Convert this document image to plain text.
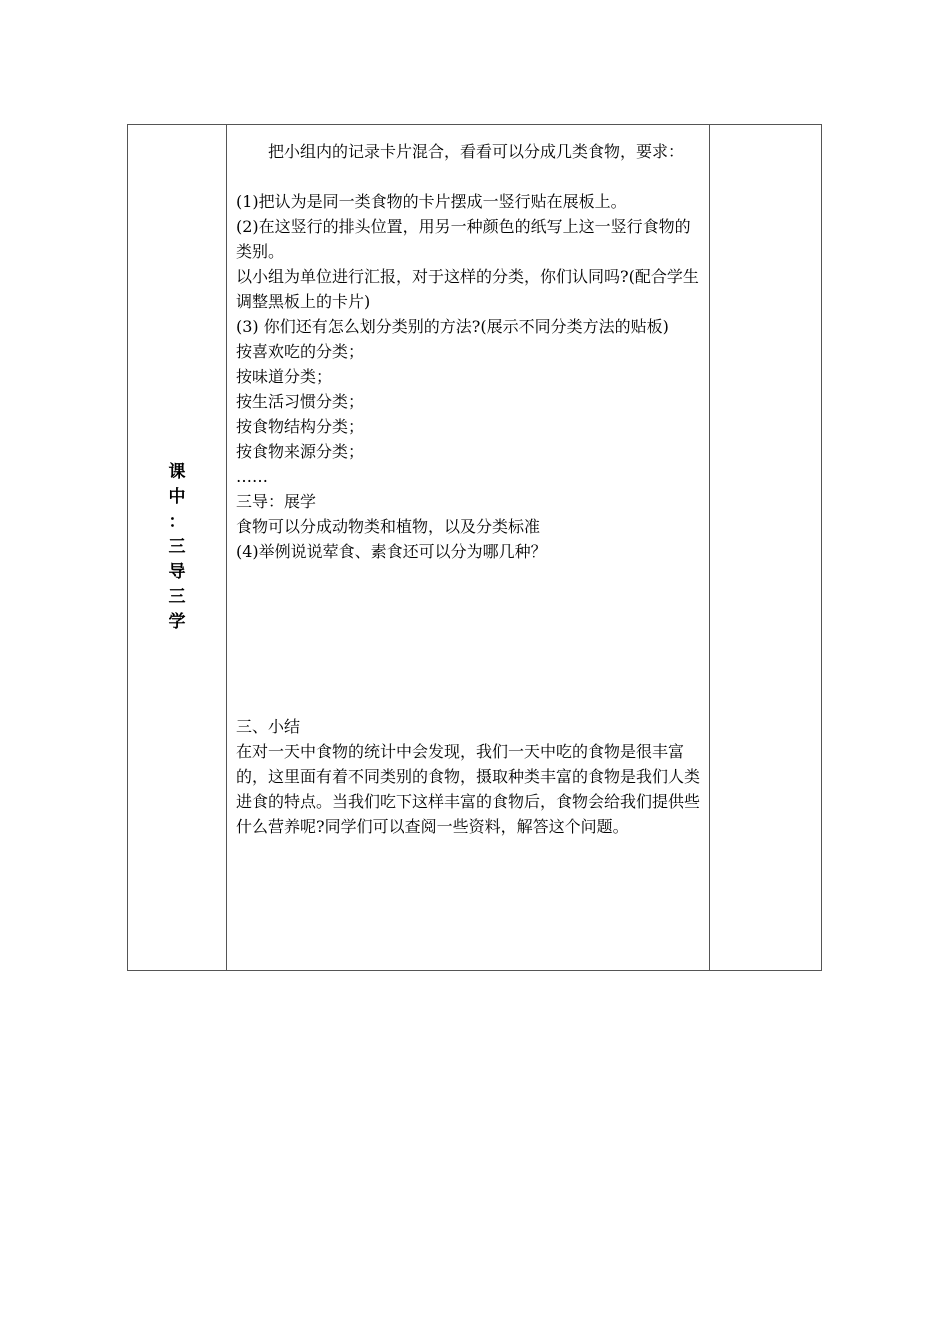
课
中
：
三
导
三
学

把小组内的记录卡片混合，看看可以分成几类食物，要求：

(1)把认为是同一类食物的卡片摆成一竖行贴在展板上。

(2)在这竖行的排头位置，用另一种颜色的纸写上这一竖行食物的类别。

以小组为单位进行汇报，对于这样的分类，你们认同吗?(配合学生调整黑板上的卡片)

(3) 你们还有怎么划分类别的方法?(展示不同分类方法的贴板)

按喜欢吃的分类；

按味道分类；

按生活习惯分类；

按食物结构分类；

按食物来源分类；

……

三导：展学

食物可以分成动物类和植物，以及分类标准

(4)举例说说荤食、素食还可以分为哪几种？

三、小结

在对一天中食物的统计中会发现，我们一天中吃的食物是很丰富的，这里面有着不同类别的食物，摄取种类丰富的食物是我们人类进食的特点。当我们吃下这样丰富的食物后，食物会给我们提供些什么营养呢?同学们可以查阅一些资料，解答这个问题。
